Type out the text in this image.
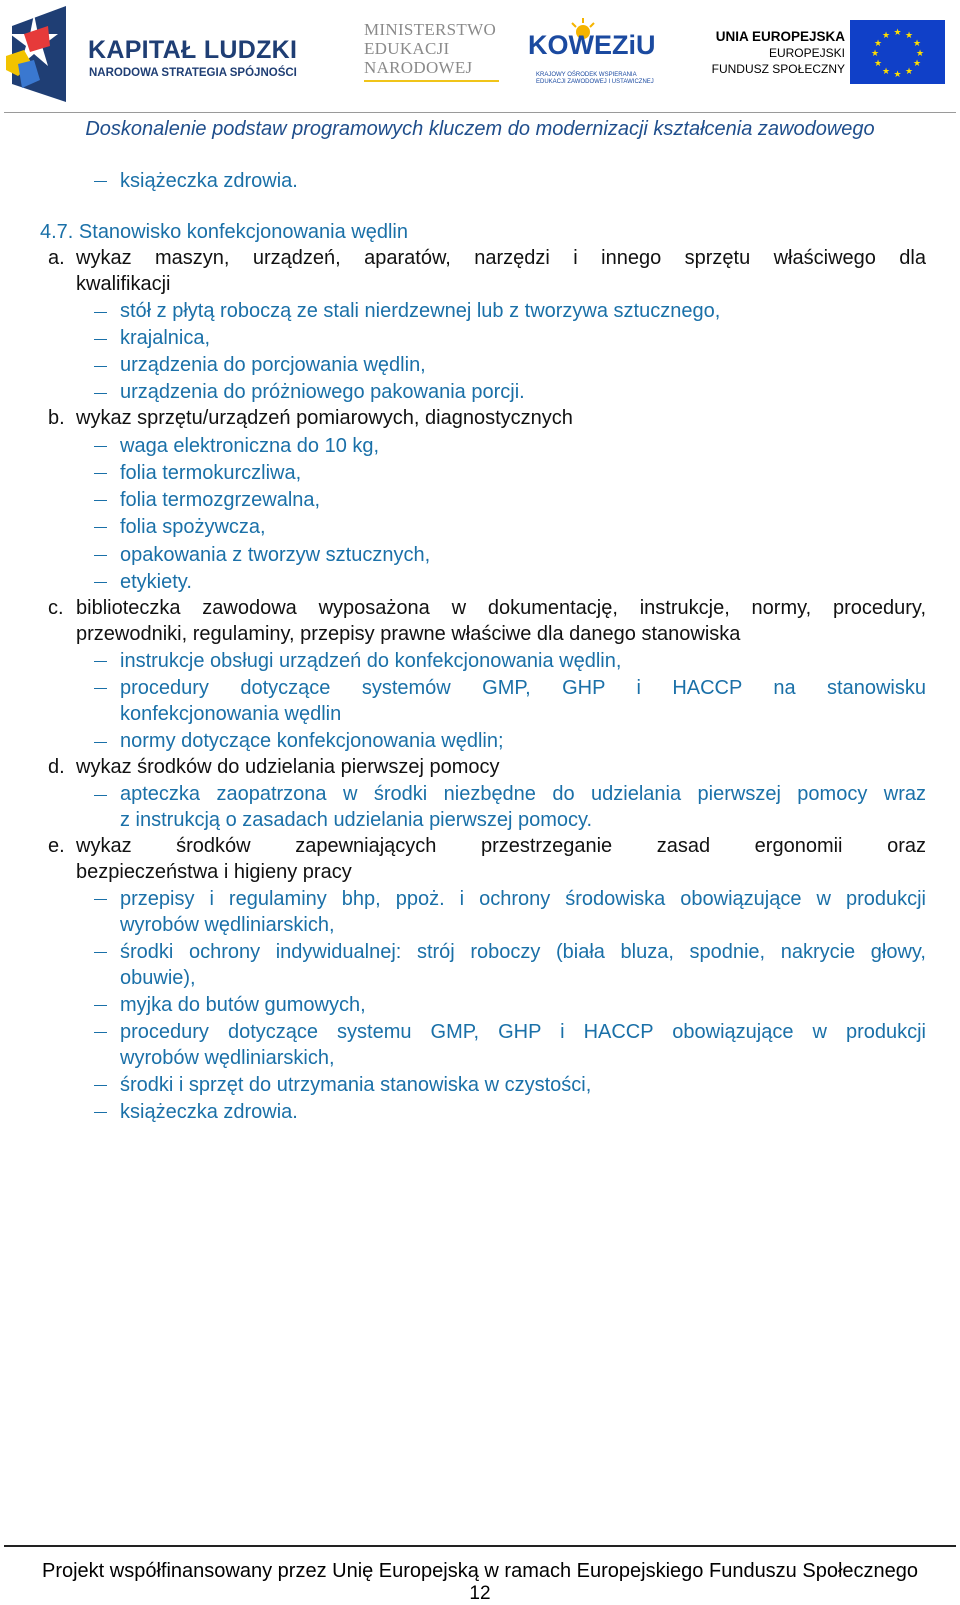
KAPITAŁ LUDZKI
NARODOWA STRATEGIA SPÓJNOŚCI
MINISTERSTWO
EDUKACJI
NARODOWEJ
KOWEZiU
KRAJOWY OŚRODEK WSPIERANIA
EDUKACJI ZAWODOWEJ I USTAWICZNEJ
UNIA EUROPEJSKA
EUROPEJSKI
FUNDUSZ SPOŁECZNY
★ ★
★
★
★
★
★
★
★
★
★
★
Doskonalenie podstaw programowych kluczem do modernizacji kształcenia zawodowego
książeczka zdrowia.
4.7. Stanowisko konfekcjonowania wędlin
a. wykaz maszyn, urządzeń, aparatów, narzędzi i innego sprzętu właściwego dla
kwalifikacji
stół z płytą roboczą ze stali nierdzewnej lub z tworzywa sztucznego,
krajalnica,
urządzenia do porcjowania wędlin,
urządzenia do próżniowego pakowania porcji.
b. wykaz sprzętu/urządzeń pomiarowych, diagnostycznych
waga elektroniczna do 10 kg,
folia termokurczliwa,
folia termozgrzewalna,
folia spożywcza,
opakowania z tworzyw sztucznych,
etykiety.
c. biblioteczka zawodowa wyposażona w dokumentację, instrukcje, normy, procedury,
przewodniki, regulaminy, przepisy prawne właściwe dla danego stanowiska
instrukcje obsługi urządzeń do konfekcjonowania wędlin,
procedury dotyczące systemów GMP, GHP i HACCP na stanowisku
konfekcjonowania wędlin
normy dotyczące konfekcjonowania wędlin;
d. wykaz środków do udzielania pierwszej pomocy
apteczka zaopatrzona w środki niezbędne do udzielania pierwszej pomocy wraz
z instrukcją o zasadach udzielania pierwszej pomocy.
e. wykaz środków zapewniających przestrzeganie zasad ergonomii oraz
bezpieczeństwa i higieny pracy
przepisy i regulaminy bhp, ppoż. i ochrony środowiska obowiązujące w produkcji
wyrobów wędliniarskich,
środki ochrony indywidualnej: strój roboczy (biała bluza, spodnie, nakrycie głowy,
obuwie),
myjka do butów gumowych,
procedury dotyczące systemu GMP, GHP i HACCP obowiązujące w produkcji
wyrobów wędliniarskich,
środki i sprzęt do utrzymania stanowiska w czystości,
książeczka zdrowia.
Projekt współfinansowany przez Unię Europejską w ramach Europejskiego Funduszu Społecznego
12
